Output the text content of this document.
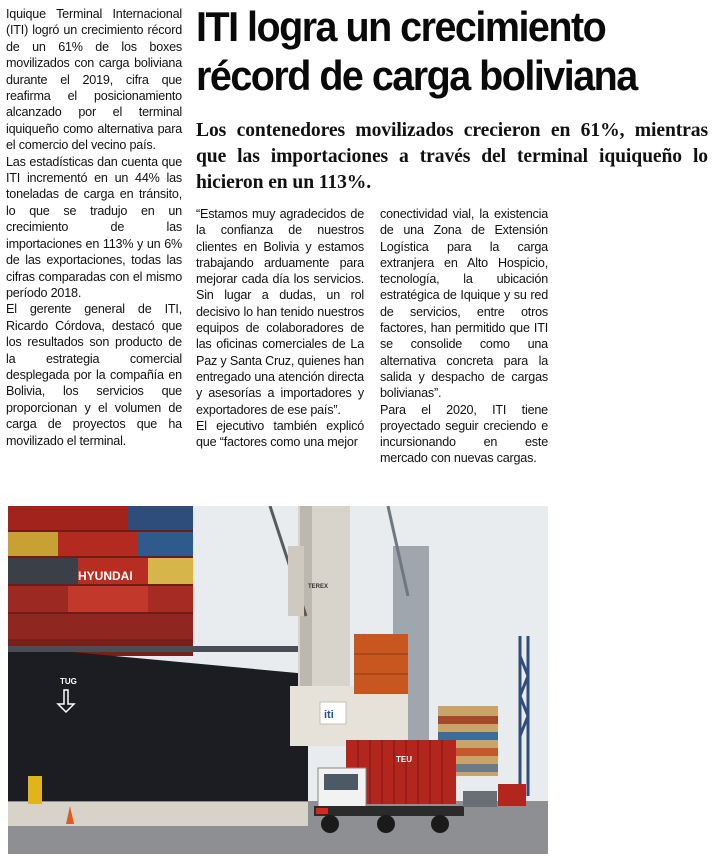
Iquique Terminal Internacional (ITI) logró un crecimiento récord de un 61% de los boxes movilizados con carga boliviana durante el 2019, cifra que reafirma el posicionamiento alcanzado por el terminal iquiqueño como alternativa para el comercio del vecino país.

Las estadísticas dan cuenta que ITI incrementó en un 44% las toneladas de carga en tránsito, lo que se tradujo en un crecimiento de las importaciones en 113% y un 6% de las exportaciones, todas las cifras comparadas con el mismo período 2018.

El gerente general de ITI, Ricardo Córdova, destacó que los resultados son producto de la estrategia comercial desplegada por la compañía en Bolivia, los servicios que proporcionan y el volumen de carga de proyectos que ha movilizado el terminal.

ITI logra un crecimiento
récord de carga boliviana
Los contenedores movilizados crecieron en 61%, mientras que las importaciones a través del terminal iquiqueño lo hicieron en un 113%.

“Estamos muy agradecidos de la confianza de nuestros clientes en Bolivia y estamos trabajando arduamente para mejorar cada día los servicios. Sin lugar a dudas, un rol decisivo lo han tenido nuestros equipos de colaboradores de las oficinas comerciales de La Paz y Santa Cruz, quienes han entregado una atención directa y asesorías a importadores y exportadores de ese país”.

El ejecutivo también explicó que “factores como una mejor

conectividad vial, la existencia de una Zona de Extensión Logística para la carga extranjera en Alto Hospicio, tecnología, la ubicación estratégica de Iquique y su red de servicios, entre otros factores, han permitido que ITI se consolide como una alternativa concreta para la salida y despacho de cargas bolivianas”.

Para el 2020, ITI tiene proyectado seguir creciendo e incursionando en este mercado con nuevas cargas.

HYUNDAI
TUG
TEREX
iti
TEU
